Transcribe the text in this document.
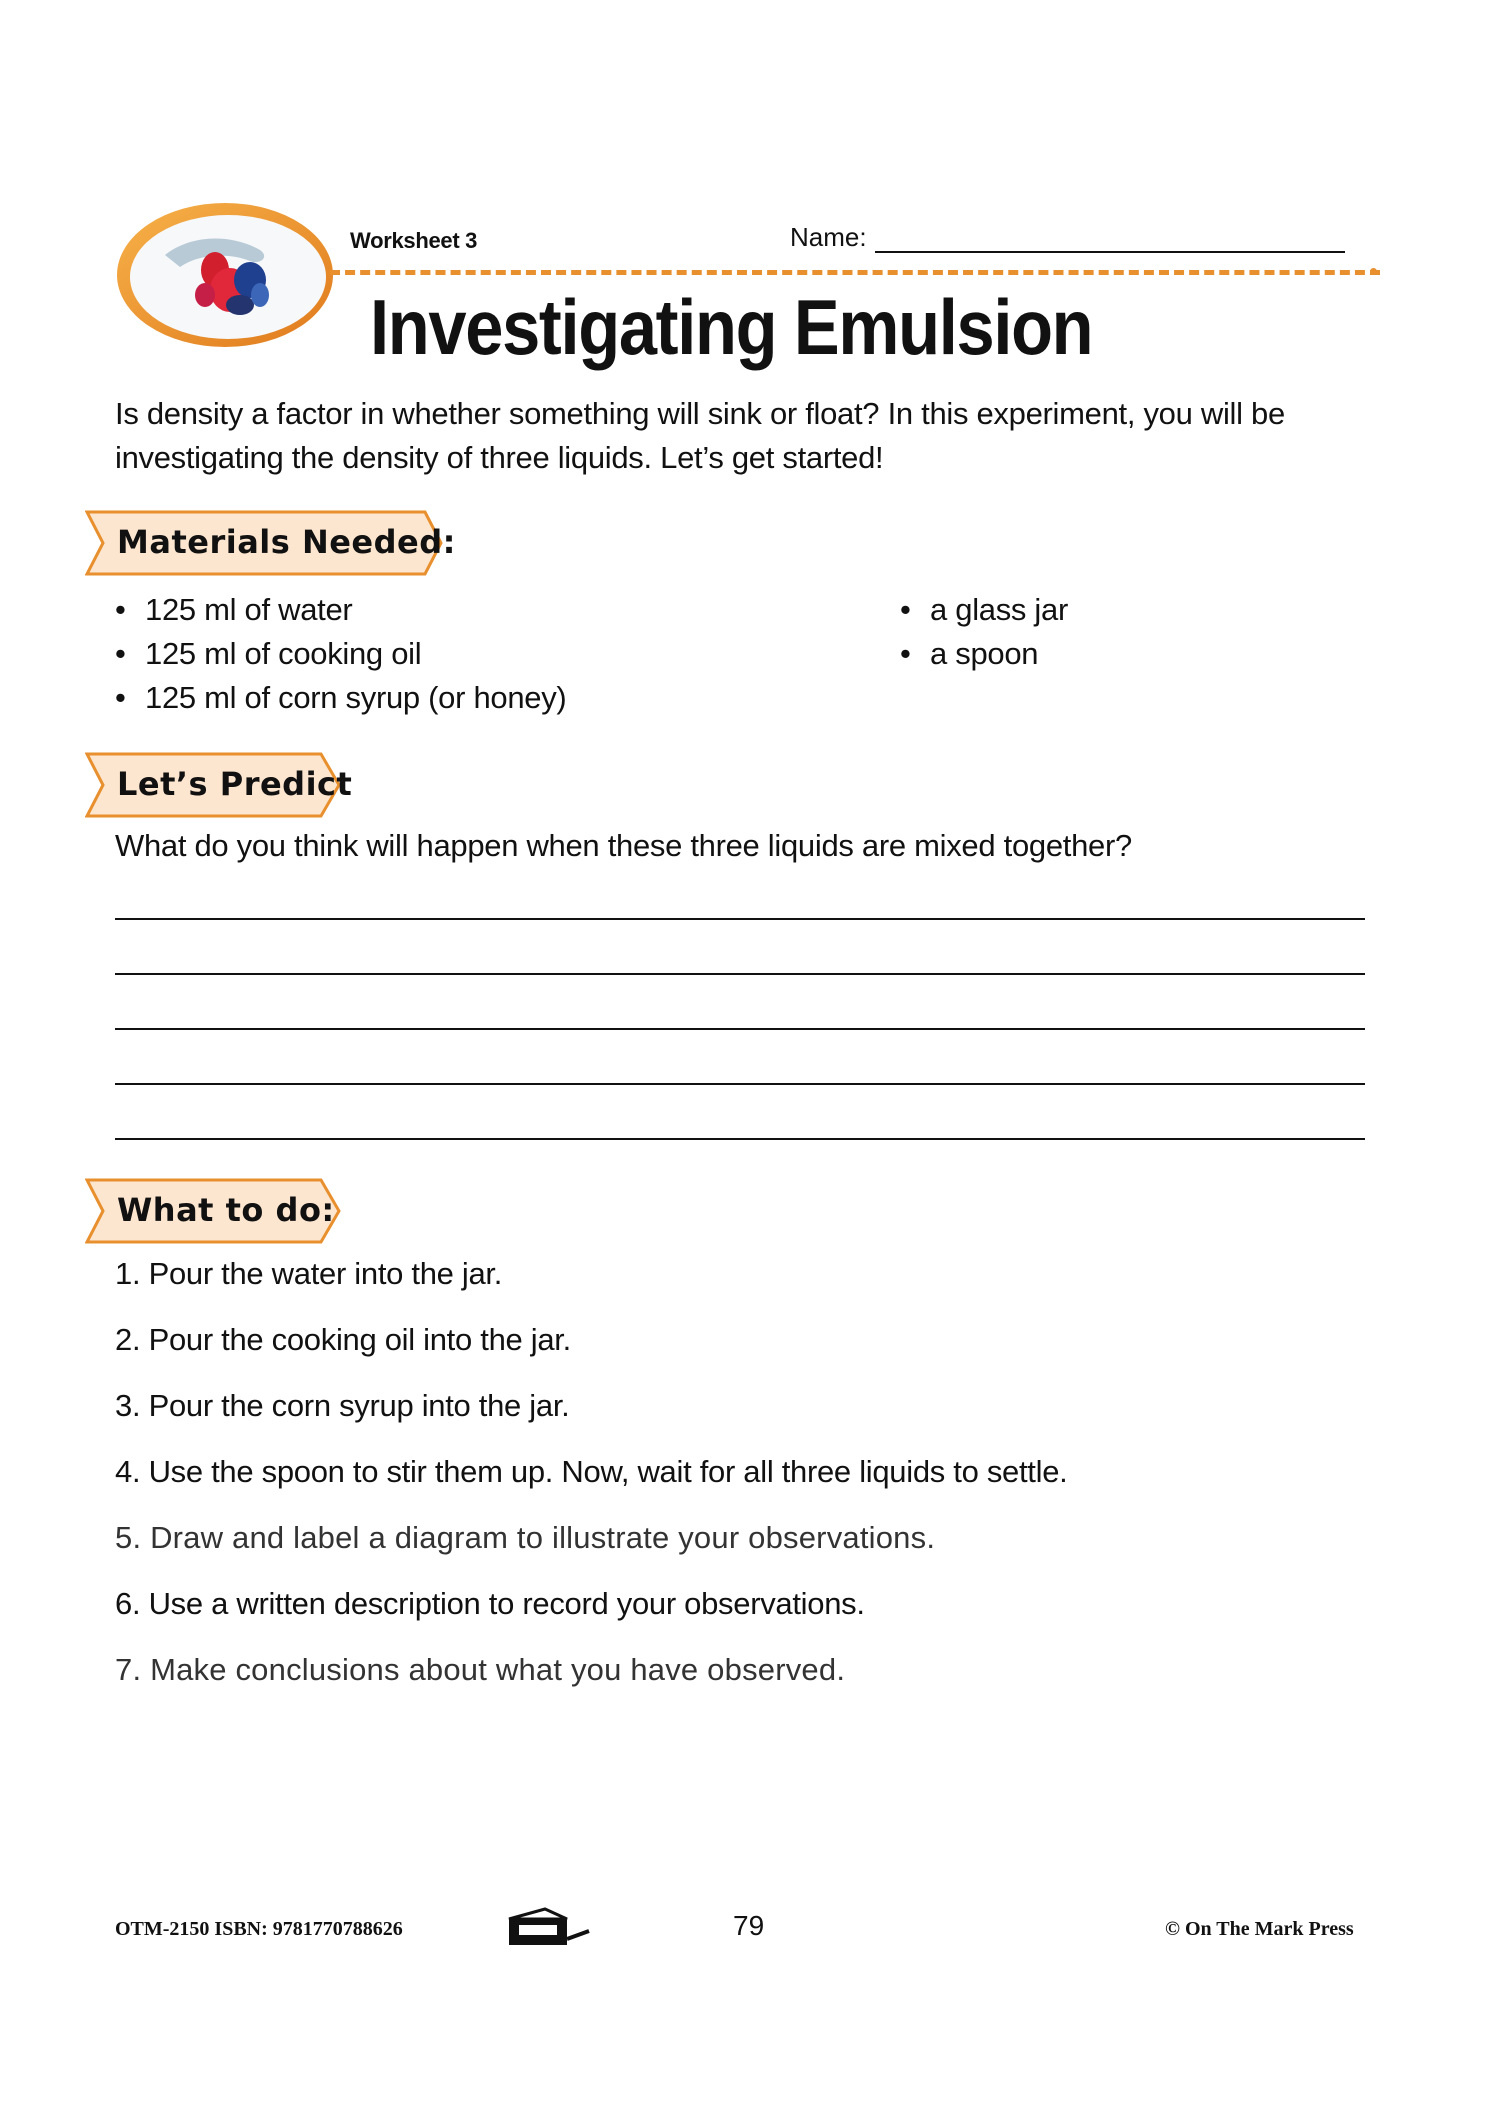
Worksheet 3	Name:
Investigating Emulsion
Is density a factor in whether something will sink or float? In this experiment, you will be investigating the density of three liquids. Let’s get started!
Materials Needed:
• 125 ml of water
• 125 ml of cooking oil
• 125 ml of corn syrup (or honey)
• a glass jar
• a spoon
Let’s Predict
What do you think will happen when these three liquids are mixed together?
What to do:
1. Pour the water into the jar.
2. Pour the cooking oil into the jar.
3. Pour the corn syrup into the jar.
4. Use the spoon to stir them up. Now, wait for all three liquids to settle.
5. Draw and label a diagram to illustrate your observations.
6. Use a written description to record your observations.
7. Make conclusions about what you have observed.
OTM-2150 ISBN: 9781770788626	79	© On The Mark Press
